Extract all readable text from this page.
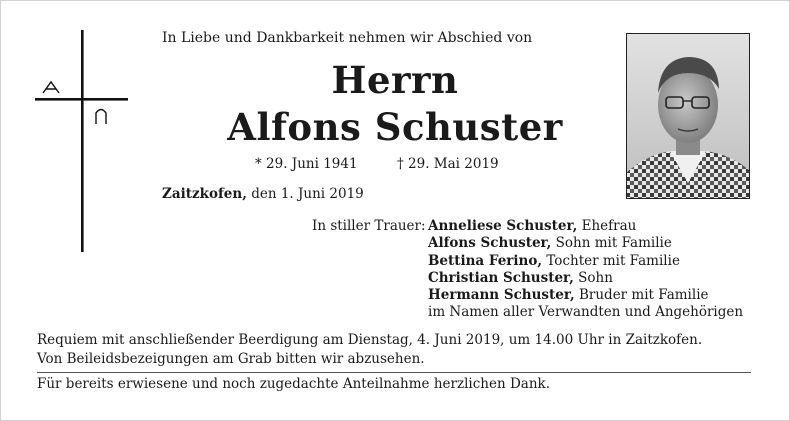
In Liebe und Dankbarkeit nehmen wir Abschied von
Herrn
Alfons Schuster
* 29. Juni 1941	† 29. Mai 2019
Zaitzkofen, den 1. Juni 2019
In stiller Trauer: Anneliese Schuster, Ehefrau
Alfons Schuster, Sohn mit Familie
Bettina Ferino, Tochter mit Familie
Christian Schuster, Sohn
Hermann Schuster, Bruder mit Familie
im Namen aller Verwandten und Angehörigen
Requiem mit anschließender Beerdigung am Dienstag, 4. Juni 2019, um 14.00 Uhr in Zaitzkofen.
Von Beileidsbezeigungen am Grab bitten wir abzusehen.
Für bereits erwiesene und noch zugedachte Anteilnahme herzlichen Dank.
